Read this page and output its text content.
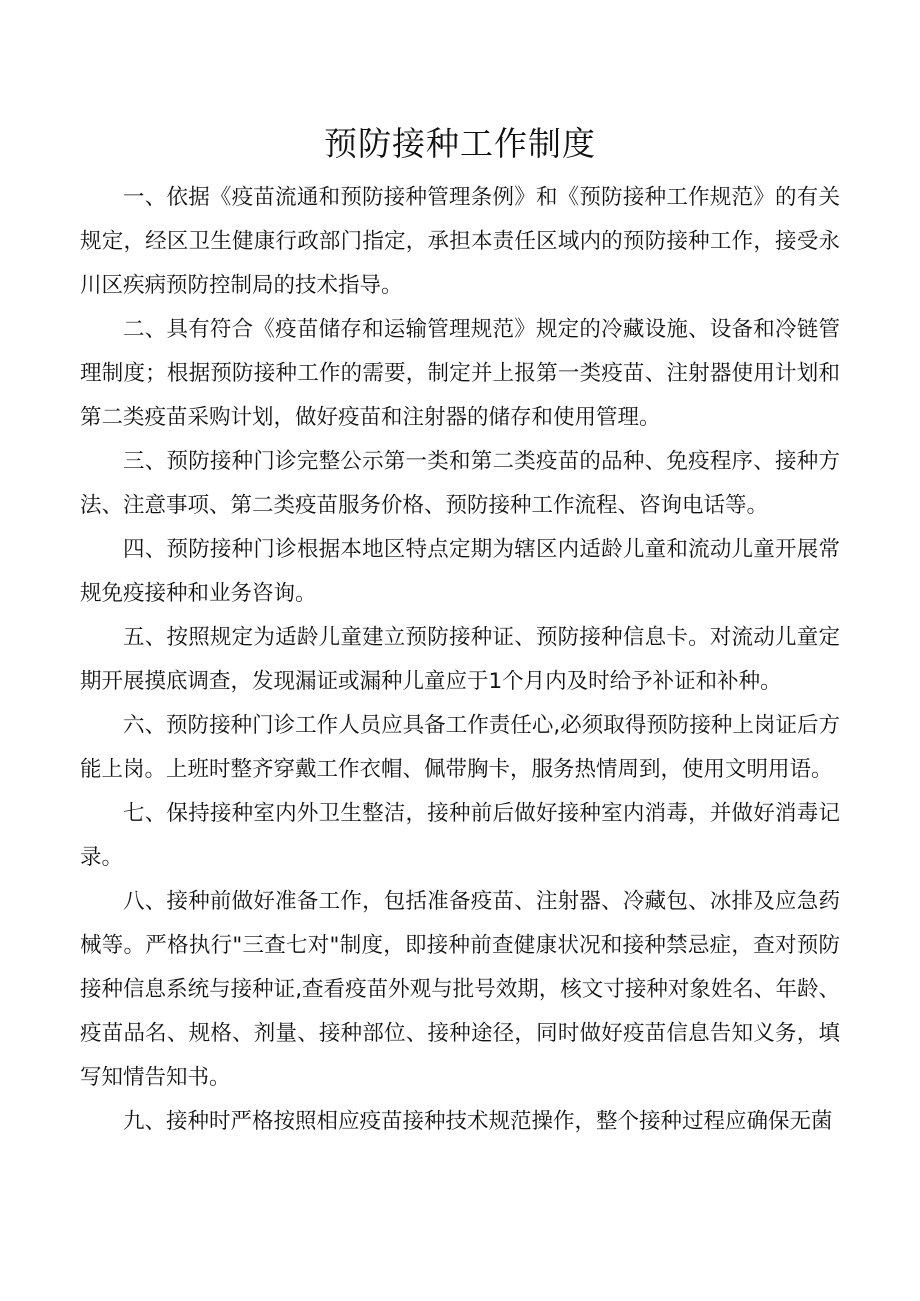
预防接种工作制度

一、依据《疫苗流通和预防接种管理条例》和《预防接种工作规范》的有关规定，经区卫生健康行政部门指定，承担本责任区域内的预防接种工作，接受永川区疾病预防控制局的技术指导。

二、具有符合《疫苗储存和运输管理规范》规定的冷藏设施、设备和冷链管理制度；根据预防接种工作的需要，制定并上报第一类疫苗、注射器使用计划和第二类疫苗采购计划，做好疫苗和注射器的储存和使用管理。

三、预防接种门诊完整公示第一类和第二类疫苗的品种、免疫程序、接种方法、注意事项、第二类疫苗服务价格、预防接种工作流程、咨询电话等。

四、预防接种门诊根据本地区特点定期为辖区内适龄儿童和流动儿童开展常规免疫接种和业务咨询。

五、按照规定为适龄儿童建立预防接种证、预防接种信息卡。对流动儿童定期开展摸底调查，发现漏证或漏种儿童应于1个月内及时给予补证和补种。

六、预防接种门诊工作人员应具备工作责任心,必须取得预防接种上岗证后方能上岗。上班时整齐穿戴工作衣帽、佩带胸卡，服务热情周到，使用文明用语。

七、保持接种室内外卫生整洁，接种前后做好接种室内消毒，并做好消毒记录。

八、接种前做好准备工作，包括准备疫苗、注射器、冷藏包、冰排及应急药械等。严格执行"三查七对"制度，即接种前查健康状况和接种禁忌症，查对预防接种信息系统与接种证,查看疫苗外观与批号效期，核文寸接种对象姓名、年龄、疫苗品名、规格、剂量、接种部位、接种途径，同时做好疫苗信息告知义务，填写知情告知书。

九、接种时严格按照相应疫苗接种技术规范操作，整个接种过程应确保无菌
